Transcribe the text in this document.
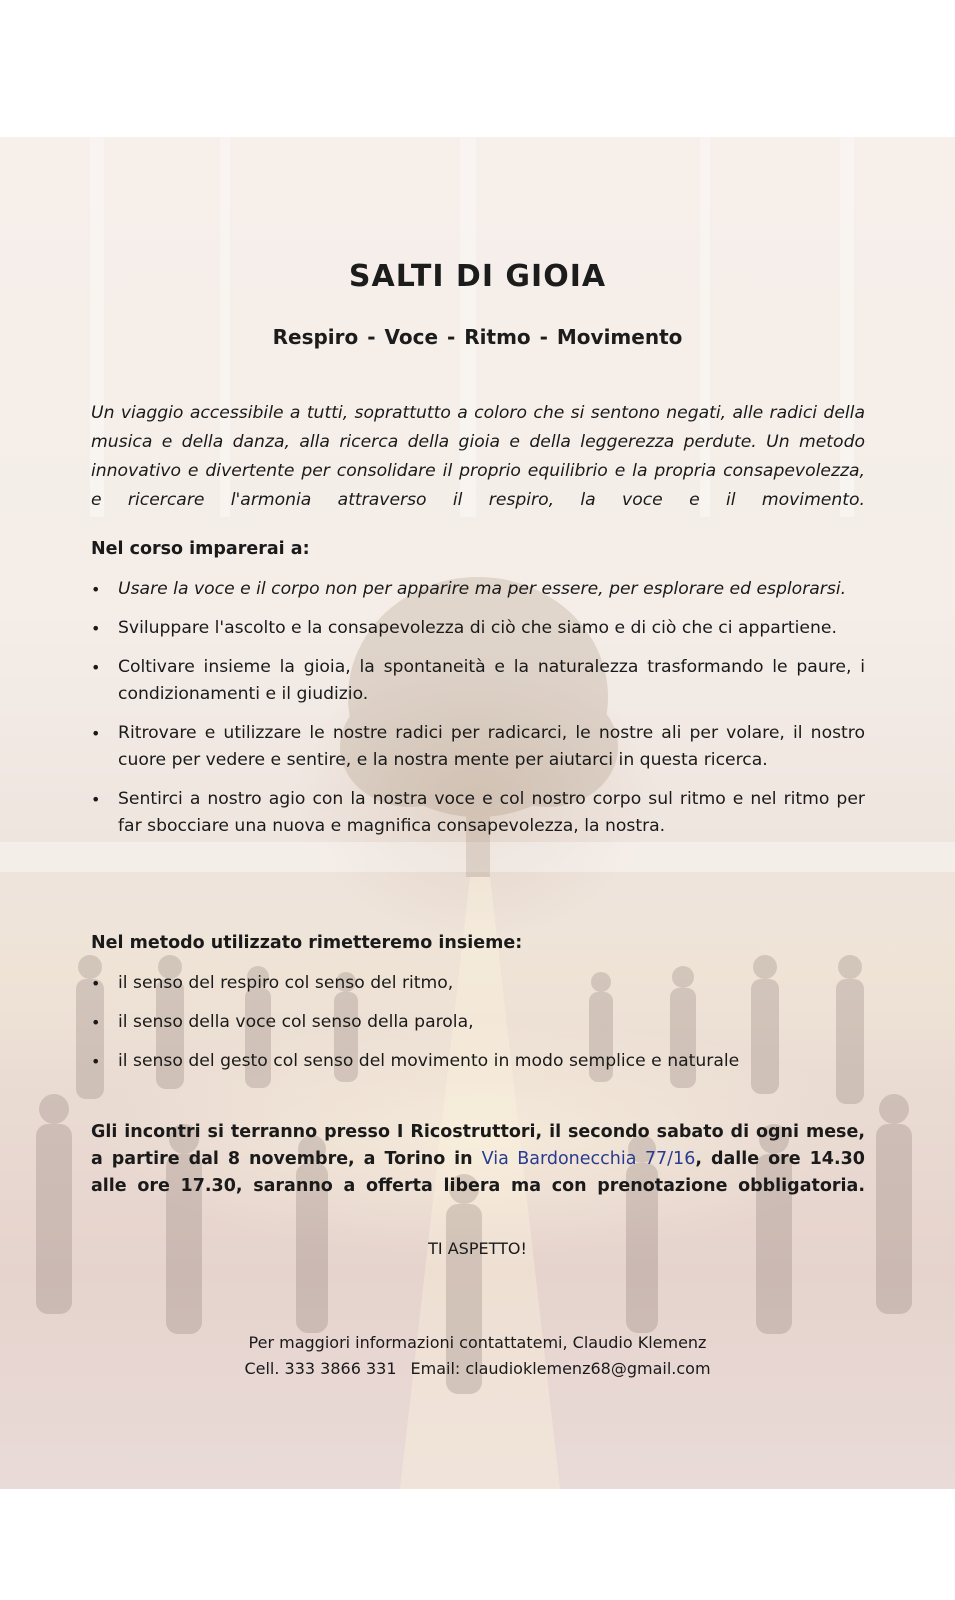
SALTI DI GIOIA
Respiro - Voce - Ritmo - Movimento

Un viaggio accessibile a tutti, soprattutto a coloro che si sentono negati, alle radici della musica e della danza, alla ricerca della gioia e della leggerezza perdute. Un metodo innovativo e divertente per consolidare il proprio equilibrio e la propria consapevolezza, e ricercare l'armonia attraverso il respiro, la voce e il movimento.

Nel corso imparerai a:

• Usare la voce e il corpo non per apparire ma per essere, per esplorare ed esplorarsi.
• Sviluppare l'ascolto e la consapevolezza di ciò che siamo e di ciò che ci appartiene.
• Coltivare insieme la gioia, la spontaneità e la naturalezza trasformando le paure, i condizionamenti e il giudizio.
• Ritrovare e utilizzare le nostre radici per radicarci, le nostre ali per volare, il nostro cuore per vedere e sentire, e la nostra mente per aiutarci in questa ricerca.
• Sentirci a nostro agio con la nostra voce e col nostro corpo sul ritmo e nel ritmo per far sbocciare una nuova e magnifica consapevolezza, la nostra.

Nel metodo utilizzato rimetteremo insieme:

• il senso del respiro col senso del ritmo,
• il senso della voce col senso della parola,
• il senso del gesto col senso del movimento in modo semplice e naturale

Gli incontri si terranno presso I Ricostruttori, il secondo sabato di ogni mese, a partire dal 8 novembre, a Torino in Via Bardonecchia 77/16, dalle ore 14.30 alle ore 17.30, saranno a offerta libera ma con prenotazione obbligatoria.

TI ASPETTO!

Per maggiori informazioni contattatemi, Claudio Klemenz
Cell. 333 3866 331 Email: claudioklemenz68@gmail.com
